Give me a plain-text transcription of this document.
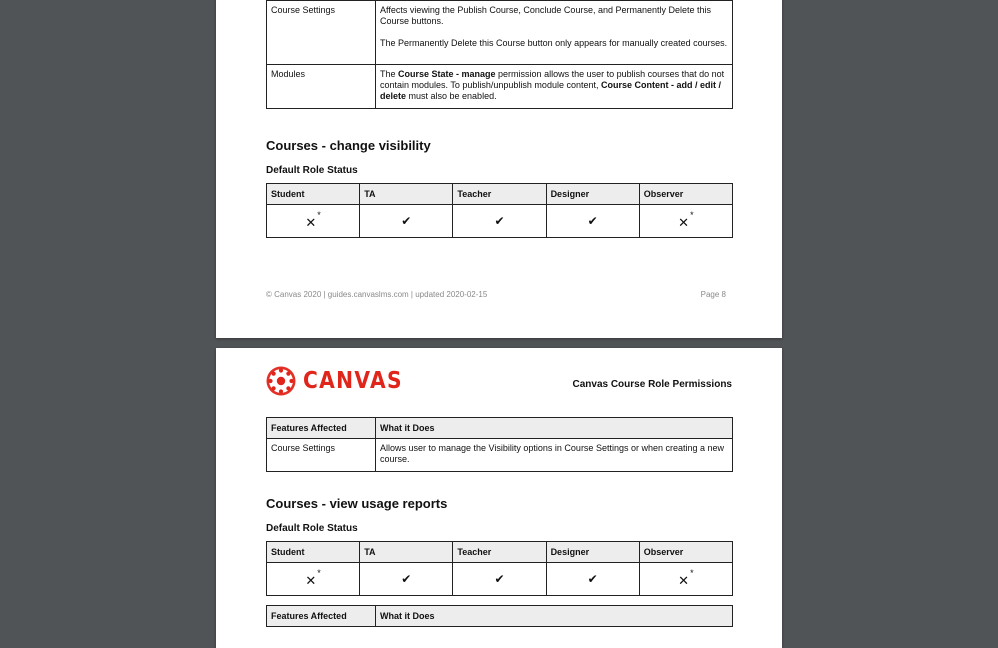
Course Settings	Affects viewing the Publish Course, Conclude Course, and Permanently Delete this Course buttons.

The Permanently Delete this Course button only appears for manually created courses.

Modules	The Course State - manage permission allows the user to publish courses that do not contain modules. To publish/unpublish module content, Course Content - add / edit / delete must also be enabled.
Courses - change visibility
Default Role Status
Student	TA	Teacher	Designer	Observer
✕*	✔	✔	✔	✕*
© Canvas 2020 | guides.canvaslms.com | updated 2020-02-15	Page 8
CANVAS	Canvas Course Role Permissions
Features Affected	What it Does
Course Settings	Allows user to manage the Visibility options in Course Settings or when creating a new course.
Courses - view usage reports
Default Role Status
Student	TA	Teacher	Designer	Observer
✕*	✔	✔	✔	✕*
Features Affected	What it Does
